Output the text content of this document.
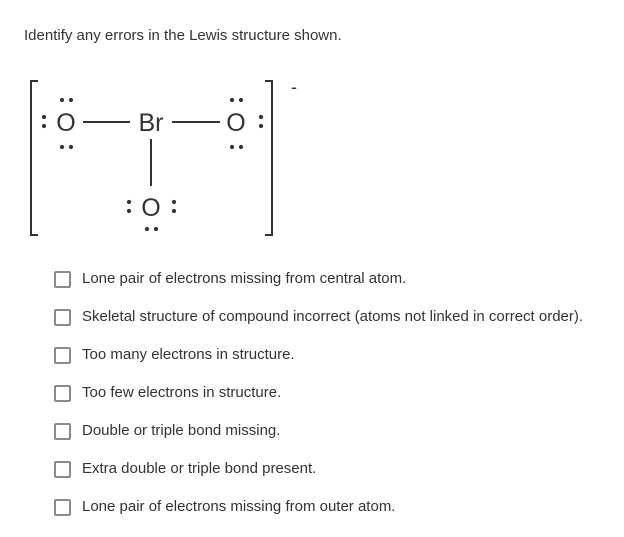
Identify any errors in the Lewis structure shown.
-
O	Br	O
O
Lone pair of electrons missing from central atom.
Skeletal structure of compound incorrect (atoms not linked in correct order).
Too many electrons in structure.
Too few electrons in structure.
Double or triple bond missing.
Extra double or triple bond present.
Lone pair of electrons missing from outer atom.
